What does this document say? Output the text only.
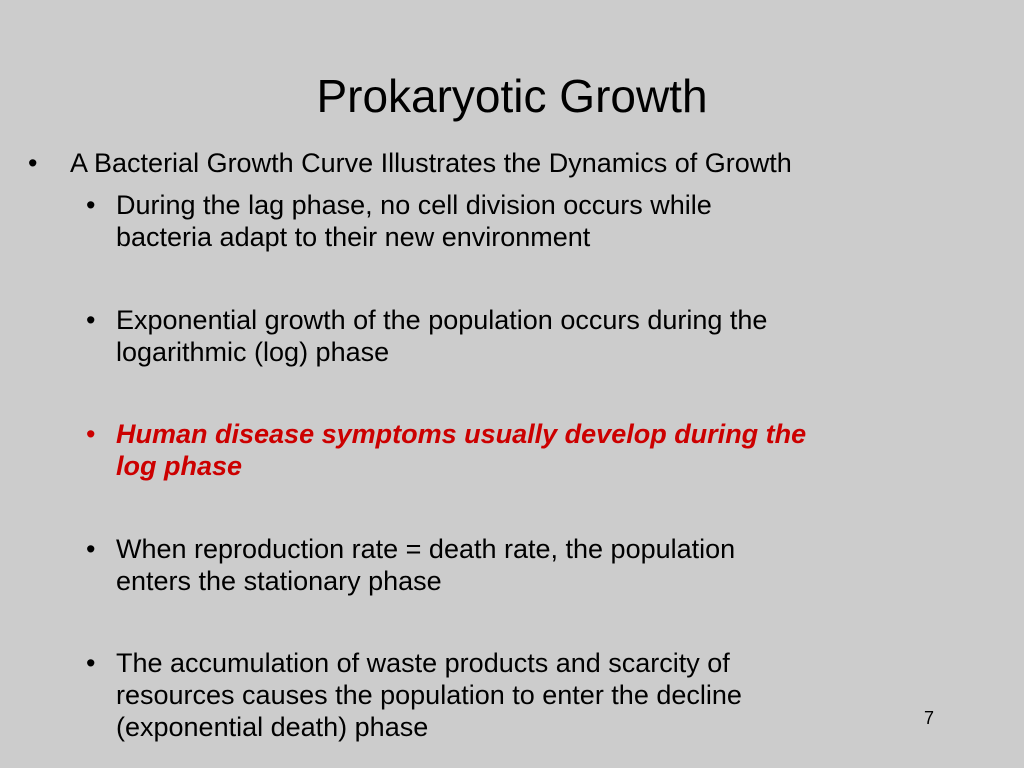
Prokaryotic Growth
• A Bacterial Growth Curve Illustrates the Dynamics of Growth
• During the lag phase, no cell division occurs while
bacteria adapt to their new environment
• Exponential growth of the population occurs during the
logarithmic (log) phase
• Human disease symptoms usually develop during the
log phase
• When reproduction rate = death rate, the population
enters the stationary phase
• The accumulation of waste products and scarcity of
resources causes the population to enter the decline
(exponential death) phase	7
